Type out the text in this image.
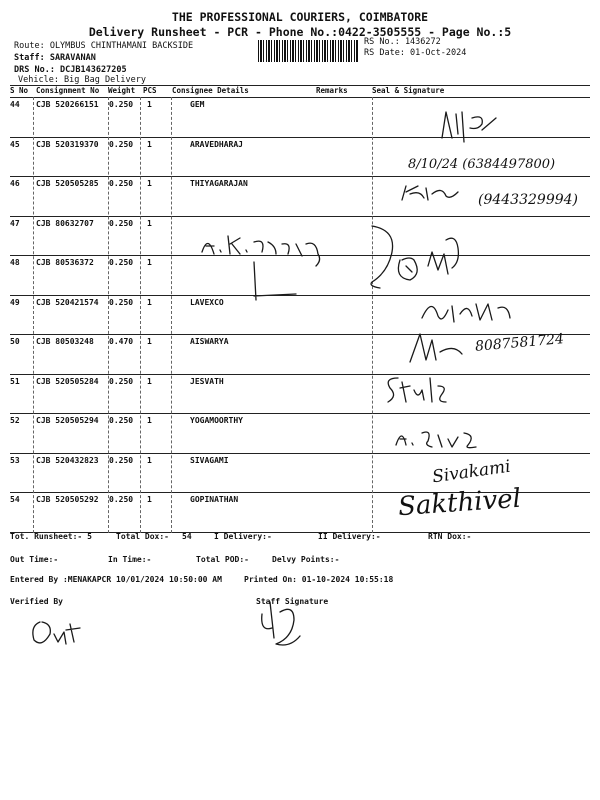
THE PROFESSIONAL COURIERS, COIMBATORE
Delivery Runsheet - PCR - Phone No.:0422-3505555 - Page No.:5
Route: OLYMBUS CHINTHAMANI BACKSIDE
Staff: SARAVANAN
DRS No.: DCJB143627205
Vehicle: Big Bag Delivery
RS No.: 1436272
RS Date: 01-Oct-2024
S No Consignment No Weight PCS Consignee Details	Remarks	Seal & Signature
44 CJB 520266151 0.250 1	GEM
45 CJB 520319370 0.250 1	ARAVEDHARAJ
46 CJB 520505285 0.250 1	THIYAGARAJAN
47 CJB 80632707 0.250 1
48 CJB 80536372 0.250 1
49 CJB 520421574 0.250 1	LAVEXCO
50 CJB 80503248 0.470 1	AISWARYA
51 CJB 520505284 0.250 1	JESVATH
52 CJB 520505294 0.250 1	YOGAMOORTHY
53 CJB 520432823 0.250 1	SIVAGAMI
54 CJB 520505292 0.250 1	GOPINATHAN
8/10/24 (6384497800)
(9443329994)
8087581724
Sivakami
Sakthivel
Tot. Runsheet:- 5	Total Dox:- 54	I Delivery:-	II Delivery:-	RTN Dox:-
Out Time:-	In Time:-	Total POD:-	Delvy Points:-
Entered By :MENAKAPCR 10/01/2024 10:50:00 AM	Printed On: 01-10-2024 10:55:18
Verified By	Staff Signature
